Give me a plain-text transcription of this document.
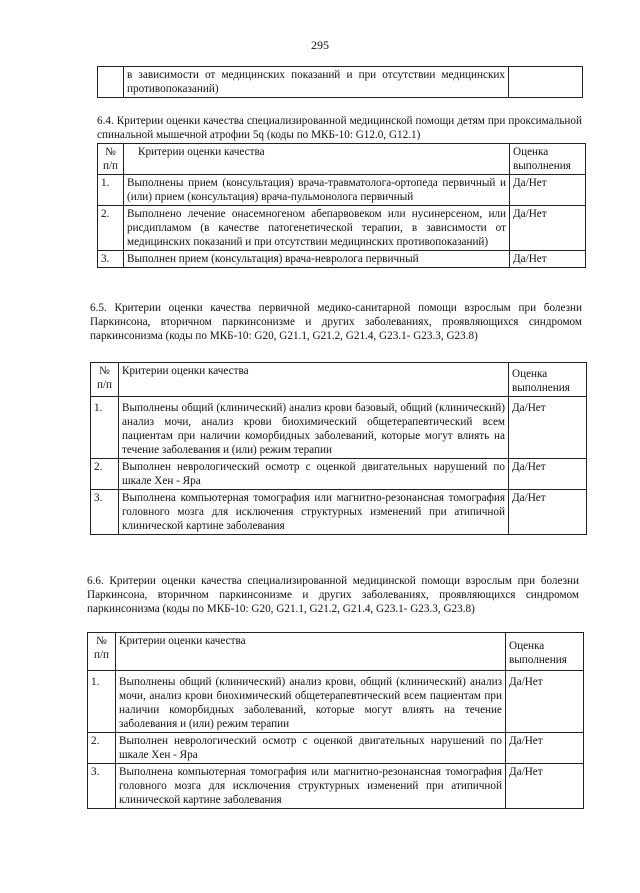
295
	в зависимости от медицинских показаний и при отсутствии медицинских противопоказаний)	
6.4. Критерии оценки качества специализированной медицинской помощи детям при проксимальной спинальной мышечной атрофии 5q (коды по МКБ-10: G12.0, G12.1)
№ п/п	Критерии оценки качества	Оценка выполнения
1.	Выполнены прием (консультация) врача-травматолога-ортопеда первичный и (или) прием (консультация) врача-пульмонолога первичный	Да/Нет
2.	Выполнено лечение онасемногеном абепарвовеком или нусинерсеном, или рисдипламом (в качестве патогенетической терапии, в зависимости от медицинских показаний и при отсутствии медицинских противопоказаний)	Да/Нет
3.	Выполнен прием (консультация) врача-невролога первичный	Да/Нет
6.5. Критерии оценки качества первичной медико-санитарной помощи взрослым при болезни Паркинсона, вторичном паркинсонизме и других заболеваниях, проявляющихся синдромом паркинсонизма (коды по МКБ-10: G20, G21.1, G21.2, G21.4, G23.1- G23.3, G23.8)
№ п/п	Критерии оценки качества	Оценка выполнения
1.	Выполнены общий (клинический) анализ крови базовый, общий (клинический) анализ мочи, анализ крови биохимический общетерапевтический всем пациентам при наличии коморбидных заболеваний, которые могут влиять на течение заболевания и (или) режим терапии	Да/Нет
2.	Выполнен неврологический осмотр с оценкой двигательных нарушений по шкале Хен - Яра	Да/Нет
3.	Выполнена компьютерная томография или магнитно-резонансная томография головного мозга для исключения структурных изменений при атипичной клинической картине заболевания	Да/Нет
6.6. Критерии оценки качества специализированной медицинской помощи взрослым при болезни Паркинсона, вторичном паркинсонизме и других заболеваниях, проявляющихся синдромом паркинсонизма (коды по МКБ-10: G20, G21.1, G21.2, G21.4, G23.1- G23.3, G23.8)
№ п/п	Критерии оценки качества	Оценка выполнения
1.	Выполнены общий (клинический) анализ крови, общий (клинический) анализ мочи, анализ крови биохимический общетерапевтический всем пациентам при наличии коморбидных заболеваний, которые могут влиять на течение заболевания и (или) режим терапии	Да/Нет
2.	Выполнен неврологический осмотр с оценкой двигательных нарушений по шкале Хен - Яра	Да/Нет
3.	Выполнена компьютерная томография или магнитно-резонансная томография головного мозга для исключения структурных изменений при атипичной клинической картине заболевания	Да/Нет
